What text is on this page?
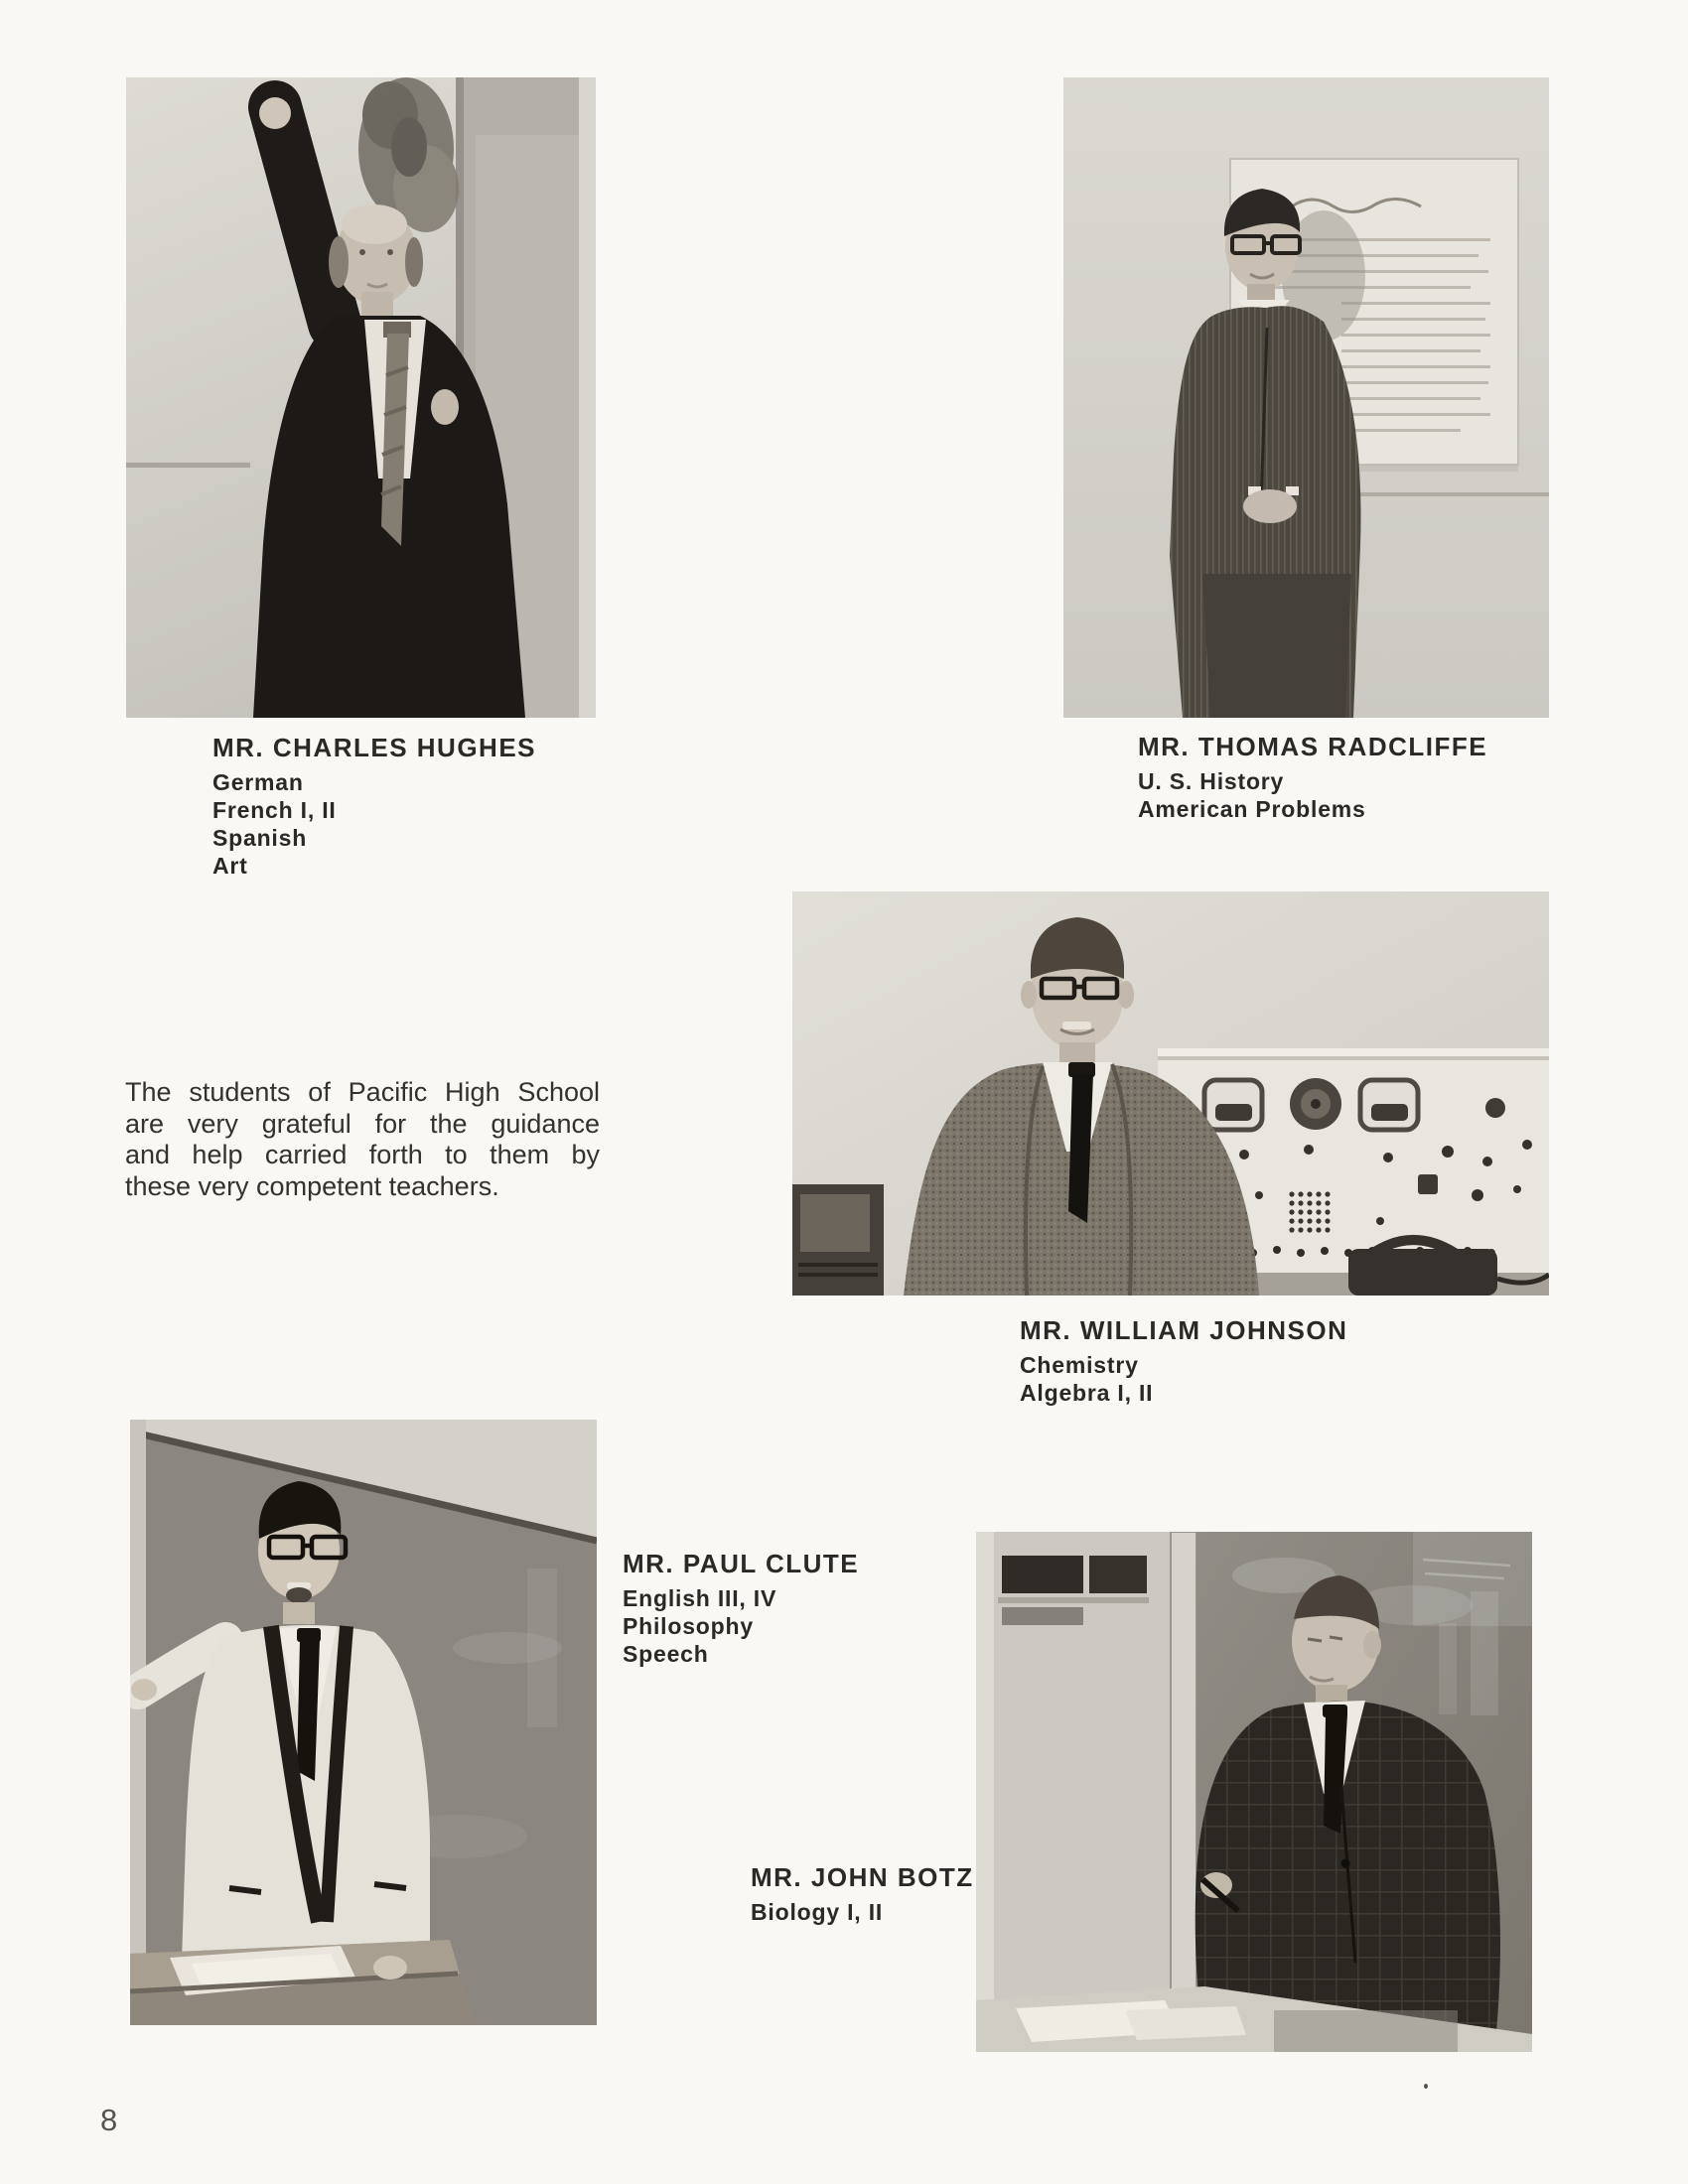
MR. CHARLES HUGHES
German
French I, II
Spanish
Art
MR. THOMAS RADCLIFFE
U. S. History
American Problems
The students of Pacific High School
are very grateful for the guidance
and help carried forth to them by
these very competent teachers.
MR. WILLIAM JOHNSON
Chemistry
Algebra I, II
MR. PAUL CLUTE
English III, IV
Philosophy
Speech
MR. JOHN BOTZ
Biology I, II
8
